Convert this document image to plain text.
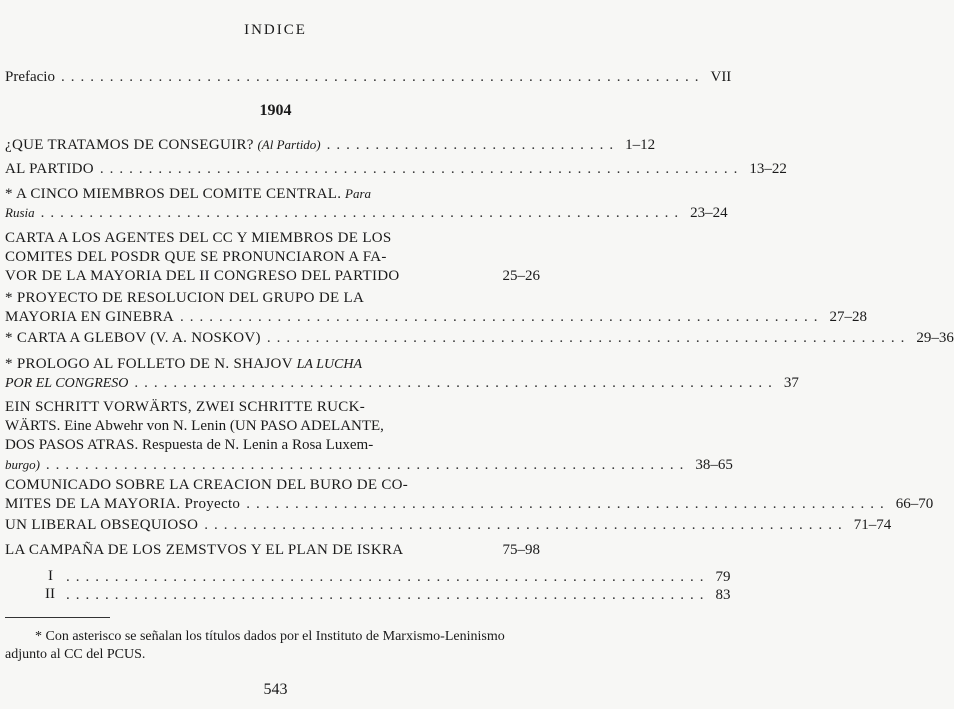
INDICE
Prefacio .................................................................. VII
1904
¿QUE TRATAMOS DE CONSEGUIR? (Al Partido) .............................. 1–12
AL PARTIDO .................................................................. 13–22
* A CINCO MIEMBROS DEL COMITE CENTRAL. Para
Rusia .................................................................. 23–24
CARTA A LOS AGENTES DEL CC Y MIEMBROS DE LOS
COMITES DEL POSDR QUE SE PRONUNCIARON A FA-
VOR DE LA MAYORIA DEL II CONGRESO DEL PARTIDO	25–26
* PROYECTO DE RESOLUCION DEL GRUPO DE LA
MAYORIA EN GINEBRA .................................................................. 27–28
* CARTA A GLEBOV (V. A. NOSKOV) .................................................................. 29–36
* PROLOGO AL FOLLETO DE N. SHAJOV LA LUCHA
POR EL CONGRESO .................................................................. 37
EIN SCHRITT VORWÄRTS, ZWEI SCHRITTE RUCK-
WÄRTS. Eine Abwehr von N. Lenin (UN PASO ADELANTE,
DOS PASOS ATRAS. Respuesta de N. Lenin a Rosa Luxem-
burgo) .................................................................. 38–65
COMUNICADO SOBRE LA CREACION DEL BURO DE CO-
MITES DE LA MAYORIA. Proyecto .................................................................. 66–70
UN LIBERAL OBSEQUIOSO .................................................................. 71–74
LA CAMPAÑA DE LOS ZEMSTVOS Y EL PLAN DE ISKRA	75–98
I .................................................................. 79
II .................................................................. 83
* Con asterisco se señalan los títulos dados por el Instituto de Marxismo-Leninismo adjunto al CC del PCUS.
543
